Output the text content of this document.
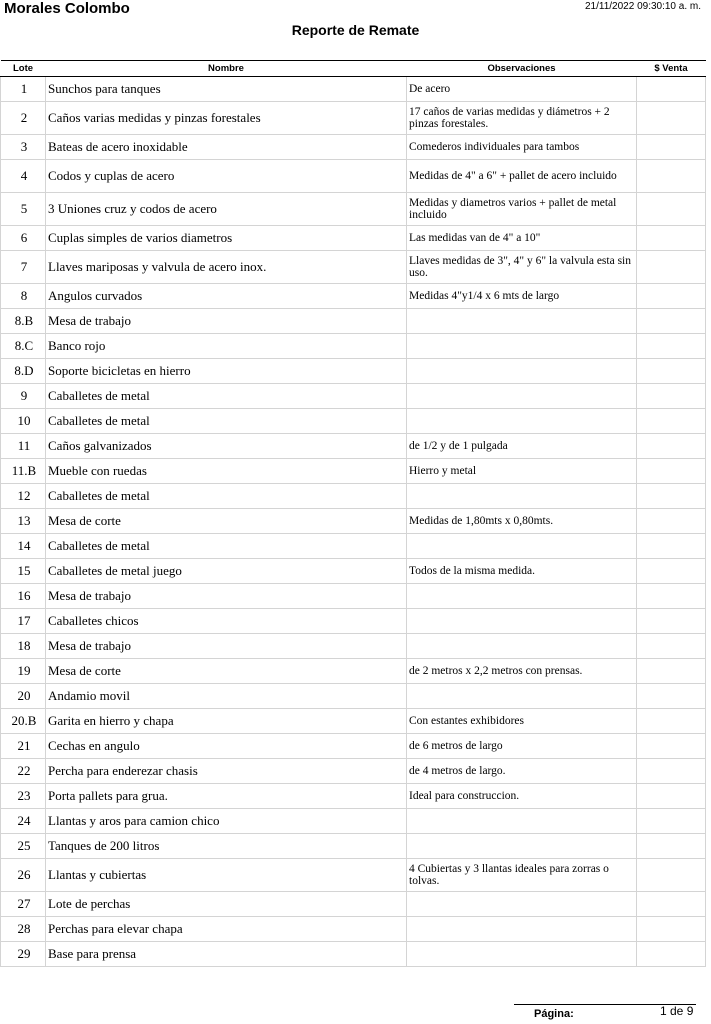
Morales Colombo	21/11/2022 09:30:10 a. m.
Reporte de Remate
Lote	Nombre	Observaciones	$ Venta
1	Sunchos para tanques	De acero	
2	Caños varias medidas y pinzas forestales	17 caños de varias medidas y diámetros + 2 pinzas forestales.	
3	Bateas de acero inoxidable	Comederos individuales para tambos	
4	Codos y cuplas de acero	Medidas de 4" a 6" + pallet de acero incluido	
5	3 Uniones cruz y codos de acero	Medidas y diametros varios + pallet de metal incluido	
6	Cuplas simples de varios diametros	Las medidas van de 4" a 10"	
7	Llaves mariposas y valvula de acero inox.	Llaves medidas de 3", 4" y 6" la valvula esta sin uso.	
8	Angulos curvados	Medidas 4"y1/4 x 6 mts de largo	
8.B	Mesa de trabajo		
8.C	Banco rojo		
8.D	Soporte bicicletas en hierro		
9	Caballetes de metal		
10	Caballetes de metal		
11	Caños galvanizados	de 1/2 y de 1 pulgada	
11.B	Mueble con ruedas	Hierro y metal	
12	Caballetes de metal		
13	Mesa de corte	Medidas de 1,80mts x 0,80mts.	
14	Caballetes de metal		
15	Caballetes de metal juego	Todos de la misma medida.	
16	Mesa de trabajo		
17	Caballetes chicos		
18	Mesa de trabajo		
19	Mesa de corte	de 2 metros x 2,2 metros con prensas.	
20	Andamio movil		
20.B	Garita en hierro y chapa	Con estantes exhibidores	
21	Cechas en angulo	de 6 metros de largo	
22	Percha para enderezar chasis	de 4 metros de largo.	
23	Porta pallets para grua.	Ideal para construccion.	
24	Llantas y aros para camion chico		
25	Tanques de 200 litros		
26	Llantas y cubiertas	4 Cubiertas y 3 llantas ideales para zorras o tolvas.	
27	Lote de perchas		
28	Perchas para elevar chapa		
29	Base para prensa		
Página:	1 de 9
